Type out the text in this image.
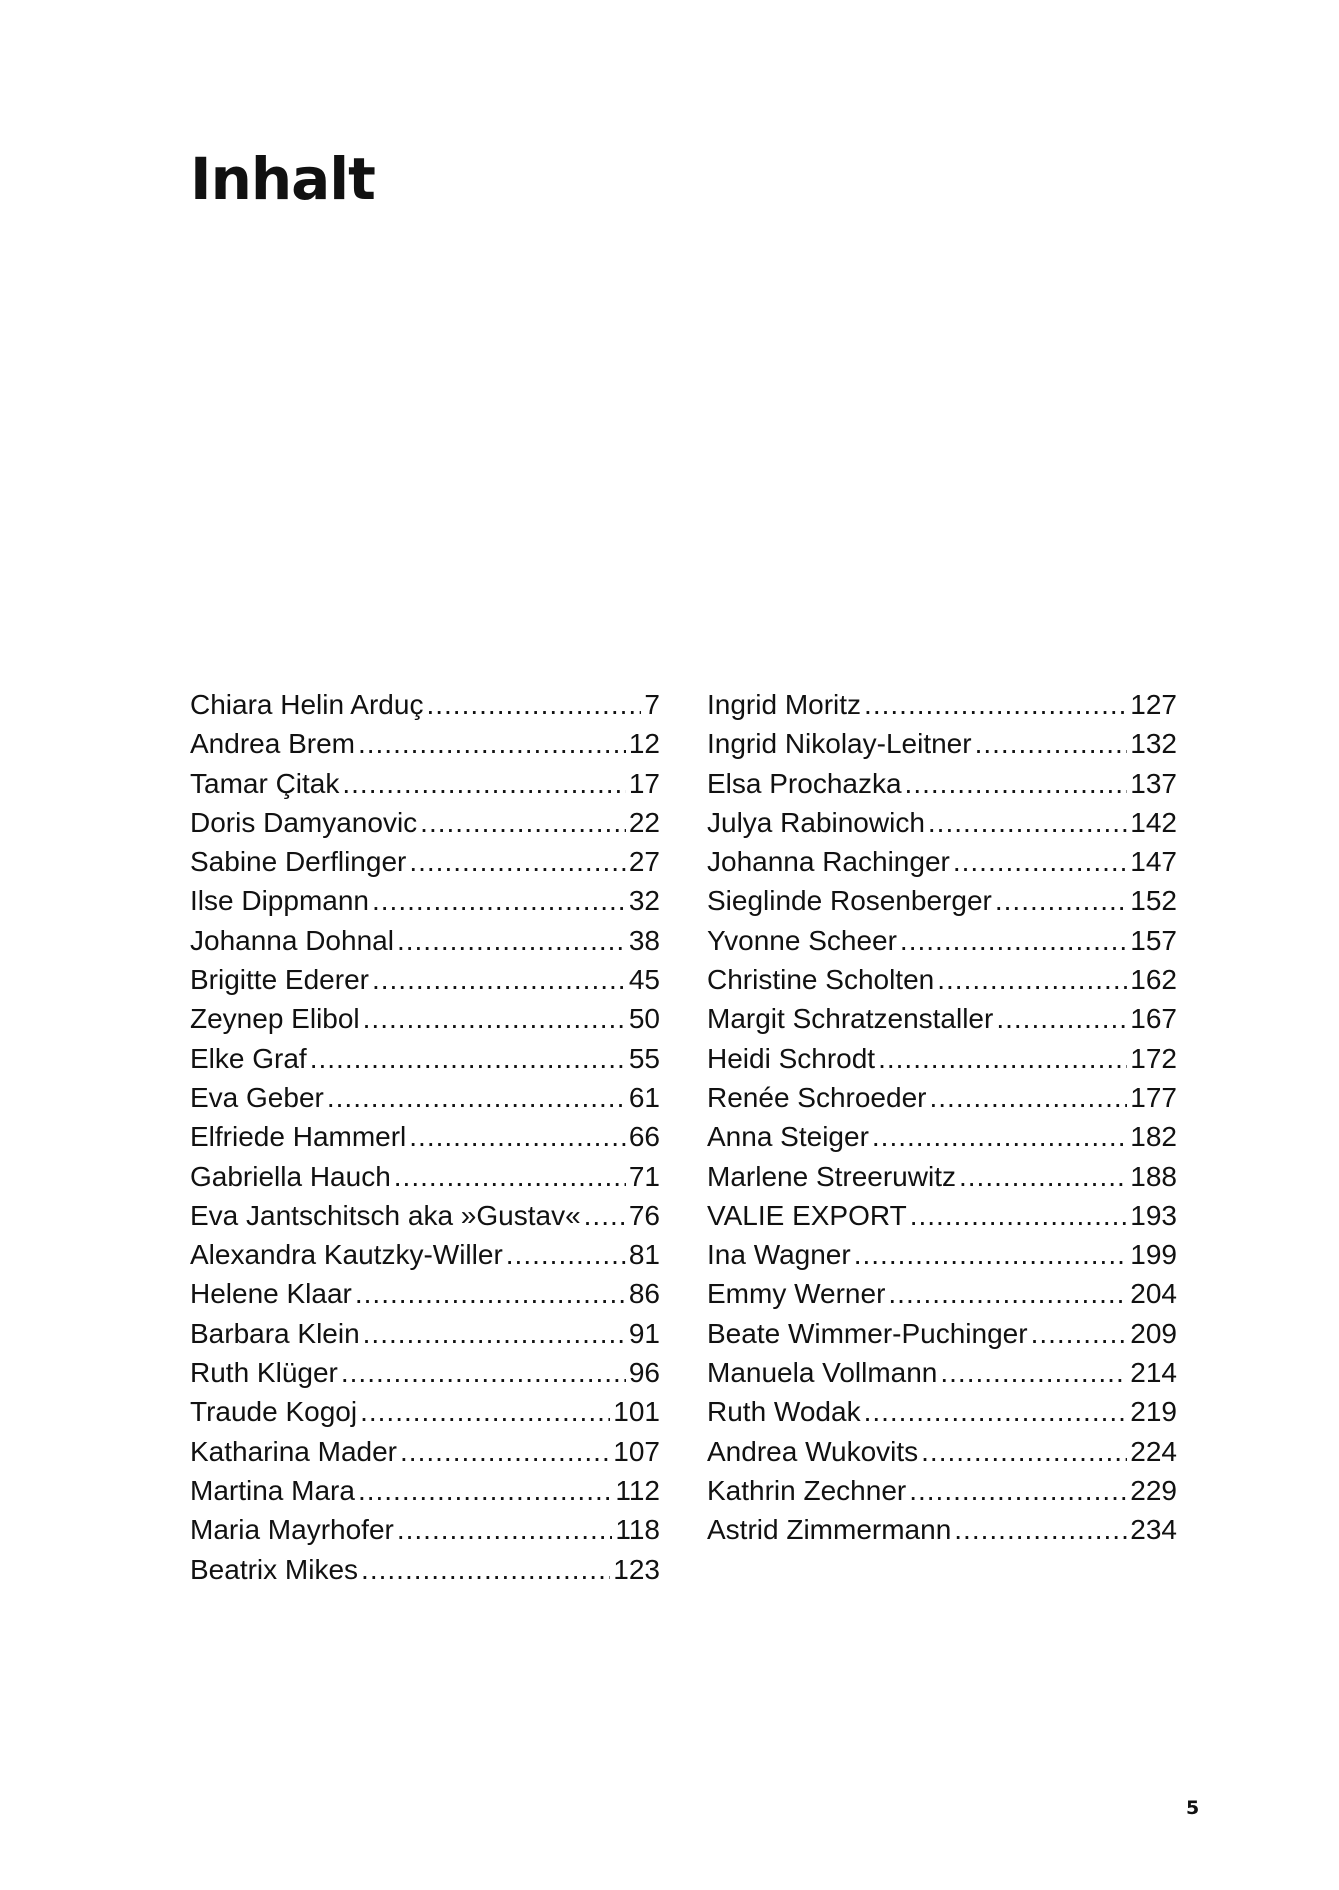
Inhalt
Chiara Helin Arduç .....	7
Andrea Brem .....	12
Tamar Çitak .....	17
Doris Damyanovic .....	22
Sabine Derflinger .....	27
Ilse Dippmann .....	32
Johanna Dohnal .....	38
Brigitte Ederer .....	45
Zeynep Elibol .....	50
Elke Graf .....	55
Eva Geber .....	61
Elfriede Hammerl .....	66
Gabriella Hauch .....	71
Eva Jantschitsch aka »Gustav« ..... 76
Alexandra Kautzky-Willer .....	81
Helene Klaar .....	86
Barbara Klein .....	91
Ruth Klüger .....	96
Traude Kogoj .....	101
Katharina Mader .....	107
Martina Mara .....	112
Maria Mayrhofer .....	118
Beatrix Mikes .....	123
Ingrid Moritz .....	127
Ingrid Nikolay-Leitner .....	132
Elsa Prochazka .....	137
Julya Rabinowich .....	142
Johanna Rachinger .....	147
Sieglinde Rosenberger .....	152
Yvonne Scheer .....	157
Christine Scholten .....	162
Margit Schratzenstaller .....	167
Heidi Schrodt .....	172
Renée Schroeder .....	177
Anna Steiger .....	182
Marlene Streeruwitz .....	188
VALIE EXPORT .....	193
Ina Wagner .....	199
Emmy Werner .....	204
Beate Wimmer-Puchinger .....	209
Manuela Vollmann .....	214
Ruth Wodak .....	219
Andrea Wukovits .....	224
Kathrin Zechner .....	229
Astrid Zimmermann .....	234
5
